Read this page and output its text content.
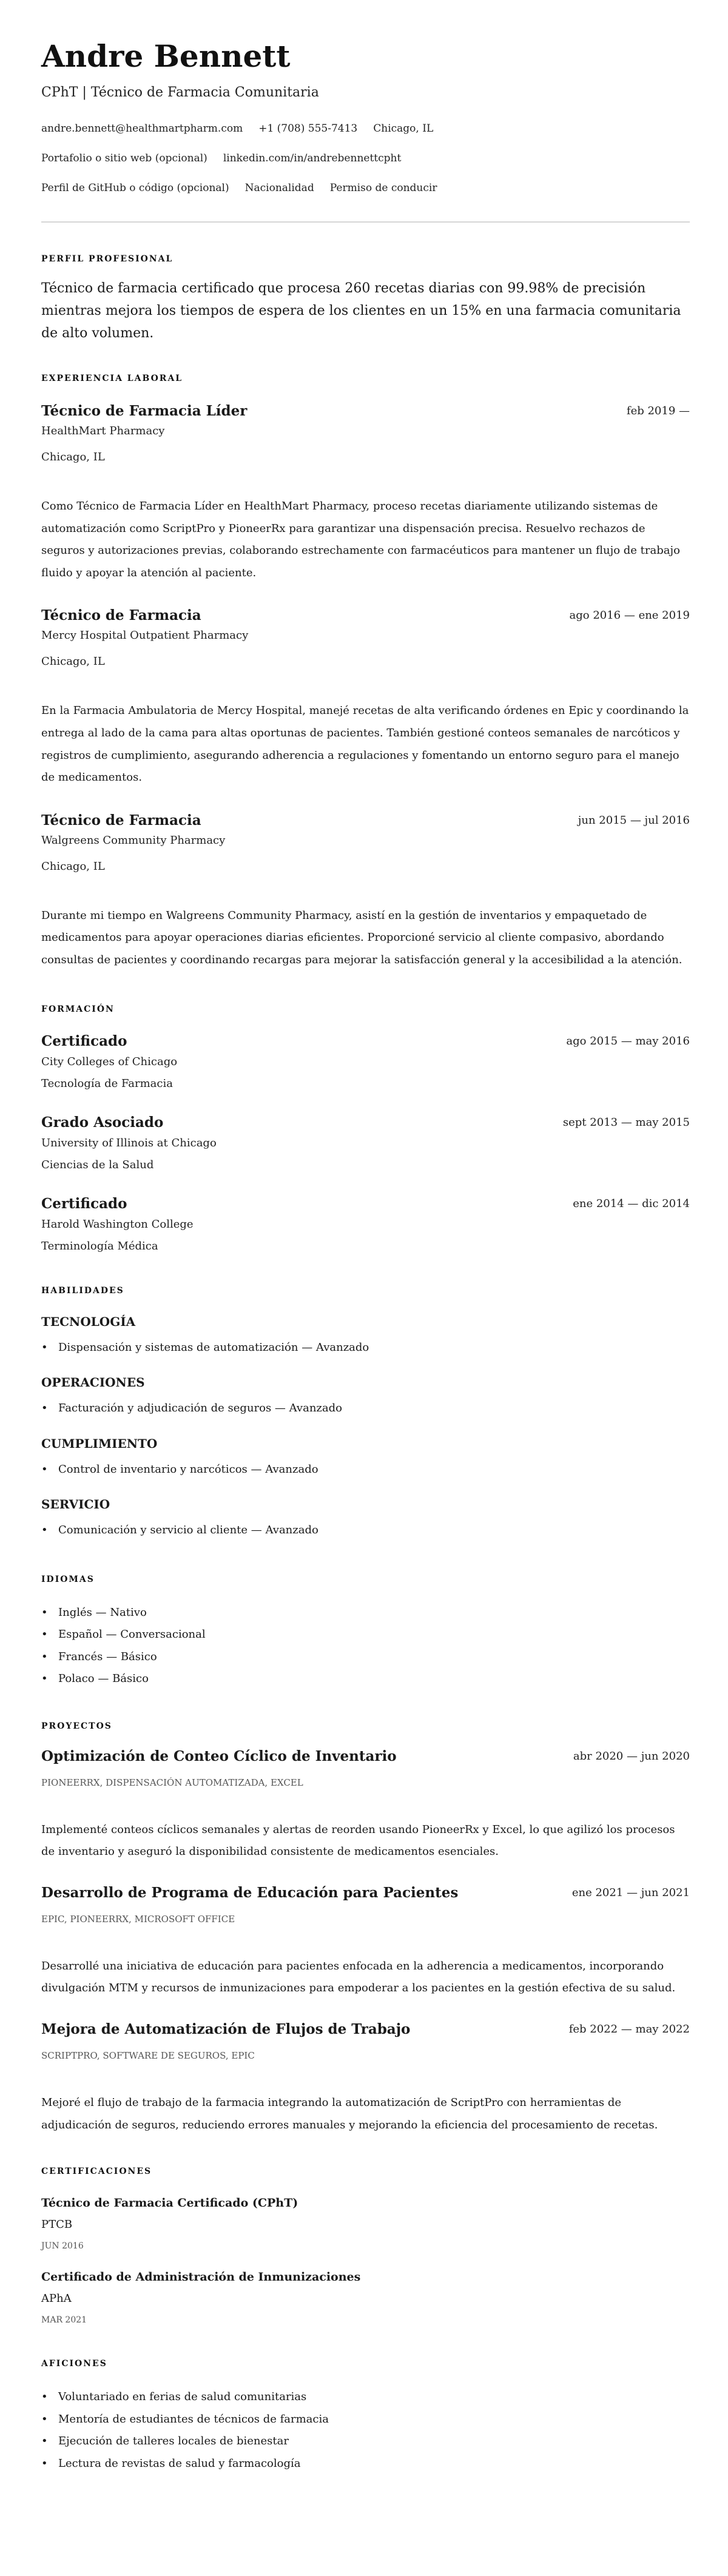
Andre Bennett
CPhT | Técnico de Farmacia Comunitaria
andre.bennett@healthmartpharm.com +1 (708) 555-7413 Chicago, IL
Portafolio o sitio web (opcional) linkedin.com/in/andrebennettcpht
Perfil de GitHub o código (opcional) Nacionalidad Permiso de conducir
PERFIL PROFESIONAL
Técnico de farmacia certificado que procesa 260 recetas diarias con 99.98% de precisión mientras mejora los tiempos de espera de los clientes en un 15% en una farmacia comunitaria de alto volumen.
EXPERIENCIA LABORAL
Técnico de Farmacia Líder	feb 2019 —
HealthMart Pharmacy
Chicago, IL
Como Técnico de Farmacia Líder en HealthMart Pharmacy, proceso recetas diariamente utilizando sistemas de automatización como ScriptPro y PioneerRx para garantizar una dispensación precisa. Resuelvo rechazos de seguros y autorizaciones previas, colaborando estrechamente con farmacéuticos para mantener un flujo de trabajo fluido y apoyar la atención al paciente.
Técnico de Farmacia	ago 2016 — ene 2019
Mercy Hospital Outpatient Pharmacy
Chicago, IL
En la Farmacia Ambulatoria de Mercy Hospital, manejé recetas de alta verificando órdenes en Epic y coordinando la entrega al lado de la cama para altas oportunas de pacientes. También gestioné conteos semanales de narcóticos y registros de cumplimiento, asegurando adherencia a regulaciones y fomentando un entorno seguro para el manejo de medicamentos.
Técnico de Farmacia	jun 2015 — jul 2016
Walgreens Community Pharmacy
Chicago, IL
Durante mi tiempo en Walgreens Community Pharmacy, asistí en la gestión de inventarios y empaquetado de medicamentos para apoyar operaciones diarias eficientes. Proporcioné servicio al cliente compasivo, abordando consultas de pacientes y coordinando recargas para mejorar la satisfacción general y la accesibilidad a la atención.
FORMACIÓN
Certificado	ago 2015 — may 2016
City Colleges of Chicago
Tecnología de Farmacia
Grado Asociado	sept 2013 — may 2015
University of Illinois at Chicago
Ciencias de la Salud
Certificado	ene 2014 — dic 2014
Harold Washington College
Terminología Médica
HABILIDADES
TECNOLOGÍA
• Dispensación y sistemas de automatización — Avanzado
OPERACIONES
• Facturación y adjudicación de seguros — Avanzado
CUMPLIMIENTO
• Control de inventario y narcóticos — Avanzado
SERVICIO
• Comunicación y servicio al cliente — Avanzado
IDIOMAS
• Inglés — Nativo
• Español — Conversacional
• Francés — Básico
• Polaco — Básico
PROYECTOS
Optimización de Conteo Cíclico de Inventario	abr 2020 — jun 2020
PIONEERRX, DISPENSACIÓN AUTOMATIZADA, EXCEL
Implementé conteos cíclicos semanales y alertas de reorden usando PioneerRx y Excel, lo que agilizó los procesos de inventario y aseguró la disponibilidad consistente de medicamentos esenciales.
Desarrollo de Programa de Educación para Pacientes	ene 2021 — jun 2021
EPIC, PIONEERRX, MICROSOFT OFFICE
Desarrollé una iniciativa de educación para pacientes enfocada en la adherencia a medicamentos, incorporando divulgación MTM y recursos de inmunizaciones para empoderar a los pacientes en la gestión efectiva de su salud.
Mejora de Automatización de Flujos de Trabajo	feb 2022 — may 2022
SCRIPTPRO, SOFTWARE DE SEGUROS, EPIC
Mejoré el flujo de trabajo de la farmacia integrando la automatización de ScriptPro con herramientas de adjudicación de seguros, reduciendo errores manuales y mejorando la eficiencia del procesamiento de recetas.
CERTIFICACIONES
Técnico de Farmacia Certificado (CPhT)
PTCB
JUN 2016
Certificado de Administración de Inmunizaciones
APhA
MAR 2021
AFICIONES
• Voluntariado en ferias de salud comunitarias
• Mentoría de estudiantes de técnicos de farmacia
• Ejecución de talleres locales de bienestar
• Lectura de revistas de salud y farmacología
